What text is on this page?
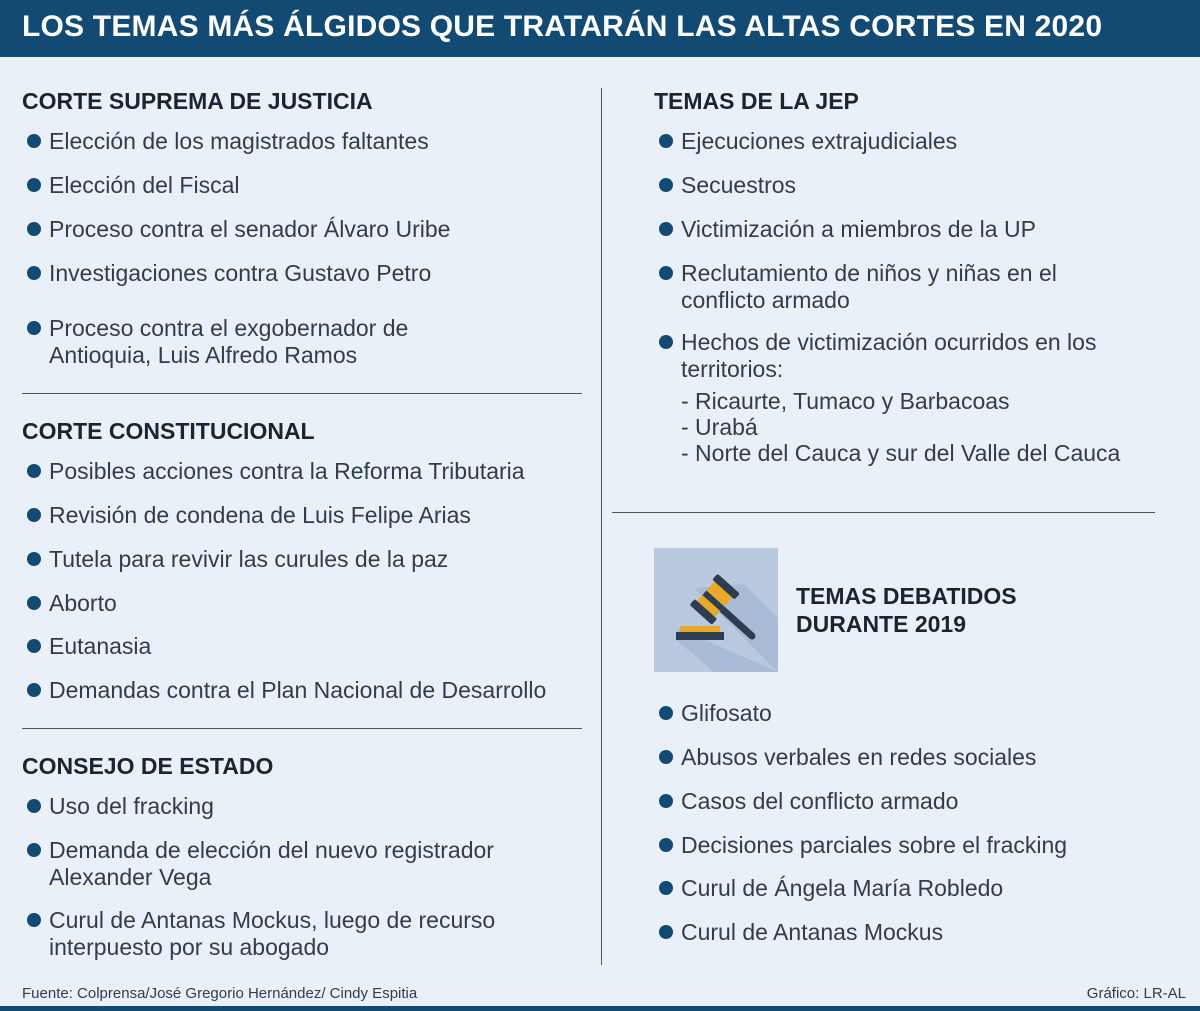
LOS TEMAS MÁS ÁLGIDOS QUE TRATARÁN LAS ALTAS CORTES EN 2020
CORTE SUPREMA DE JUSTICIA
Elección de los magistrados faltantes
Elección del Fiscal
Proceso contra el senador Álvaro Uribe
Investigaciones contra Gustavo Petro
Proceso contra el exgobernador de Antioquia, Luis Alfredo Ramos
CORTE CONSTITUCIONAL
Posibles acciones contra la Reforma Tributaria
Revisión de condena de Luis Felipe Arias
Tutela para revivir las curules de la paz
Aborto
Eutanasia
Demandas contra el Plan Nacional de Desarrollo
CONSEJO DE ESTADO
Uso del fracking
Demanda de elección del nuevo registrador Alexander Vega
Curul de Antanas Mockus, luego de recurso interpuesto por su abogado
TEMAS DE LA JEP
Ejecuciones extrajudiciales
Secuestros
Victimización a miembros de la UP
Reclutamiento de niños y niñas en el conflicto armado
Hechos de victimización ocurridos en los territorios:
- Ricaurte, Tumaco y Barbacoas
- Urabá
- Norte del Cauca y sur del Valle del Cauca
TEMAS DEBATIDOS DURANTE 2019
Glifosato
Abusos verbales en redes sociales
Casos del conflicto armado
Decisiones parciales sobre el fracking
Curul de Ángela María Robledo
Curul de Antanas Mockus
Fuente: Colprensa/José Gregorio Hernández/ Cindy Espitia	Gráfico: LR-AL
